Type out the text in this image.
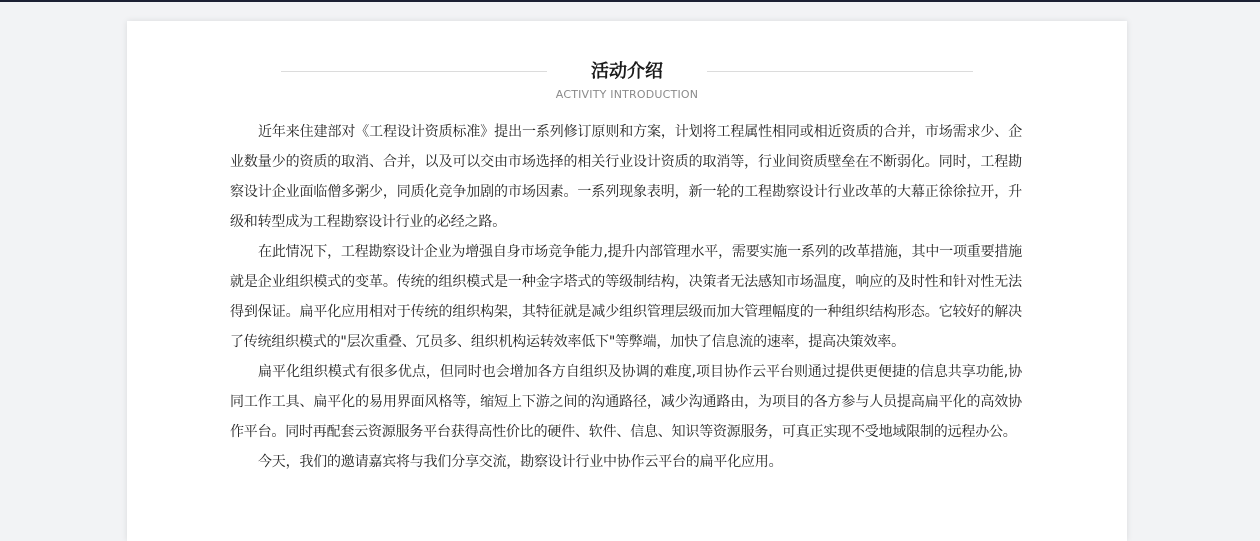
活动介绍
ACTIVITY INTRODUCTION

近年来住建部对《工程设计资质标准》提出一系列修订原则和方案，计划将工程属性相同或相近资质的合并，市场需求少、企业数量少的资质的取消、合并，以及可以交由市场选择的相关行业设计资质的取消等，行业间资质壁垒在不断弱化。同时，工程勘察设计企业面临僧多粥少，同质化竞争加剧的市场因素。一系列现象表明，新一轮的工程勘察设计行业改革的大幕正徐徐拉开，升级和转型成为工程勘察设计行业的必经之路。

在此情况下，工程勘察设计企业为增强自身市场竞争能力,提升内部管理水平，需要实施一系列的改革措施，其中一项重要措施就是企业组织模式的变革。传统的组织模式是一种金字塔式的等级制结构，决策者无法感知市场温度，响应的及时性和针对性无法得到保证。扁平化应用相对于传统的组织构架，其特征就是减少组织管理层级而加大管理幅度的一种组织结构形态。它较好的解决了传统组织模式的"层次重叠、冗员多、组织机构运转效率低下"等弊端，加快了信息流的速率，提高决策效率。

扁平化组织模式有很多优点，但同时也会增加各方自组织及协调的难度,项目协作云平台则通过提供更便捷的信息共享功能,协同工作工具、扁平化的易用界面风格等，缩短上下游之间的沟通路径，减少沟通路由，为项目的各方参与人员提高扁平化的高效协作平台。同时再配套云资源服务平台获得高性价比的硬件、软件、信息、知识等资源服务，可真正实现不受地域限制的远程办公。

今天，我们的邀请嘉宾将与我们分享交流，勘察设计行业中协作云平台的扁平化应用。
